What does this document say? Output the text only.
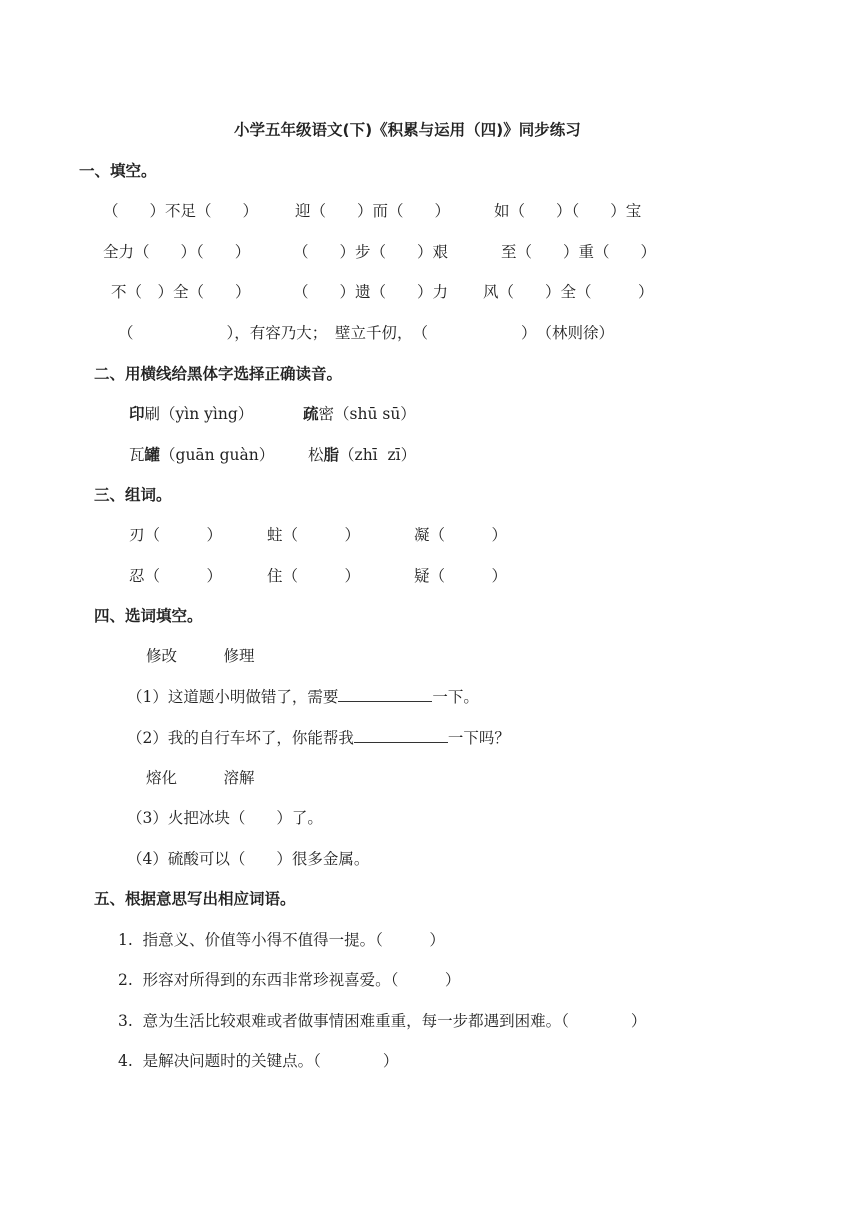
小学五年级语文(下)《积累与运用（四)》同步练习
一、填空。
（　　）不足（　　） 迎（　　）而（　　）	如（　　）（　　）宝
全力（　　）（　　）	（　　）步（　　）艰	至（　　）重（　　）
不（　）全（　　）	（　　）遗（　　）力 风（　　）全（　　　）
（　　　　　　），有容乃大；　壁立千仞，　（　　　　　　）　（林则徐）
二、用横线给黑体字选择正确读音。
印刷（yìn yìng）	疏密（shū sū）
瓦罐（guān guàn） 松脂（zhī  zī）
三、组词。
刃（　　　）	蛀（　　　）	凝（　　　）
忍（　　　）	住（　　　）	疑（　　　）
四、选词填空。
修改　　　修理
（1）这道题小明做错了，需要	一下。
（2）我的自行车坏了，你能帮我	一下吗？
熔化　　　溶解
（3）火把冰块（　　）了。
（4）硫酸可以（　　）很多金属。
五、根据意思写出相应词语。
1.  指意义、价值等小得不值得一提。（　　　）
2.  形容对所得到的东西非常珍视喜爱。（　　　）
3.  意为生活比较艰难或者做事情困难重重，每一步都遇到困难。（　　　　）
4.  是解决问题时的关键点。（　　　　）
